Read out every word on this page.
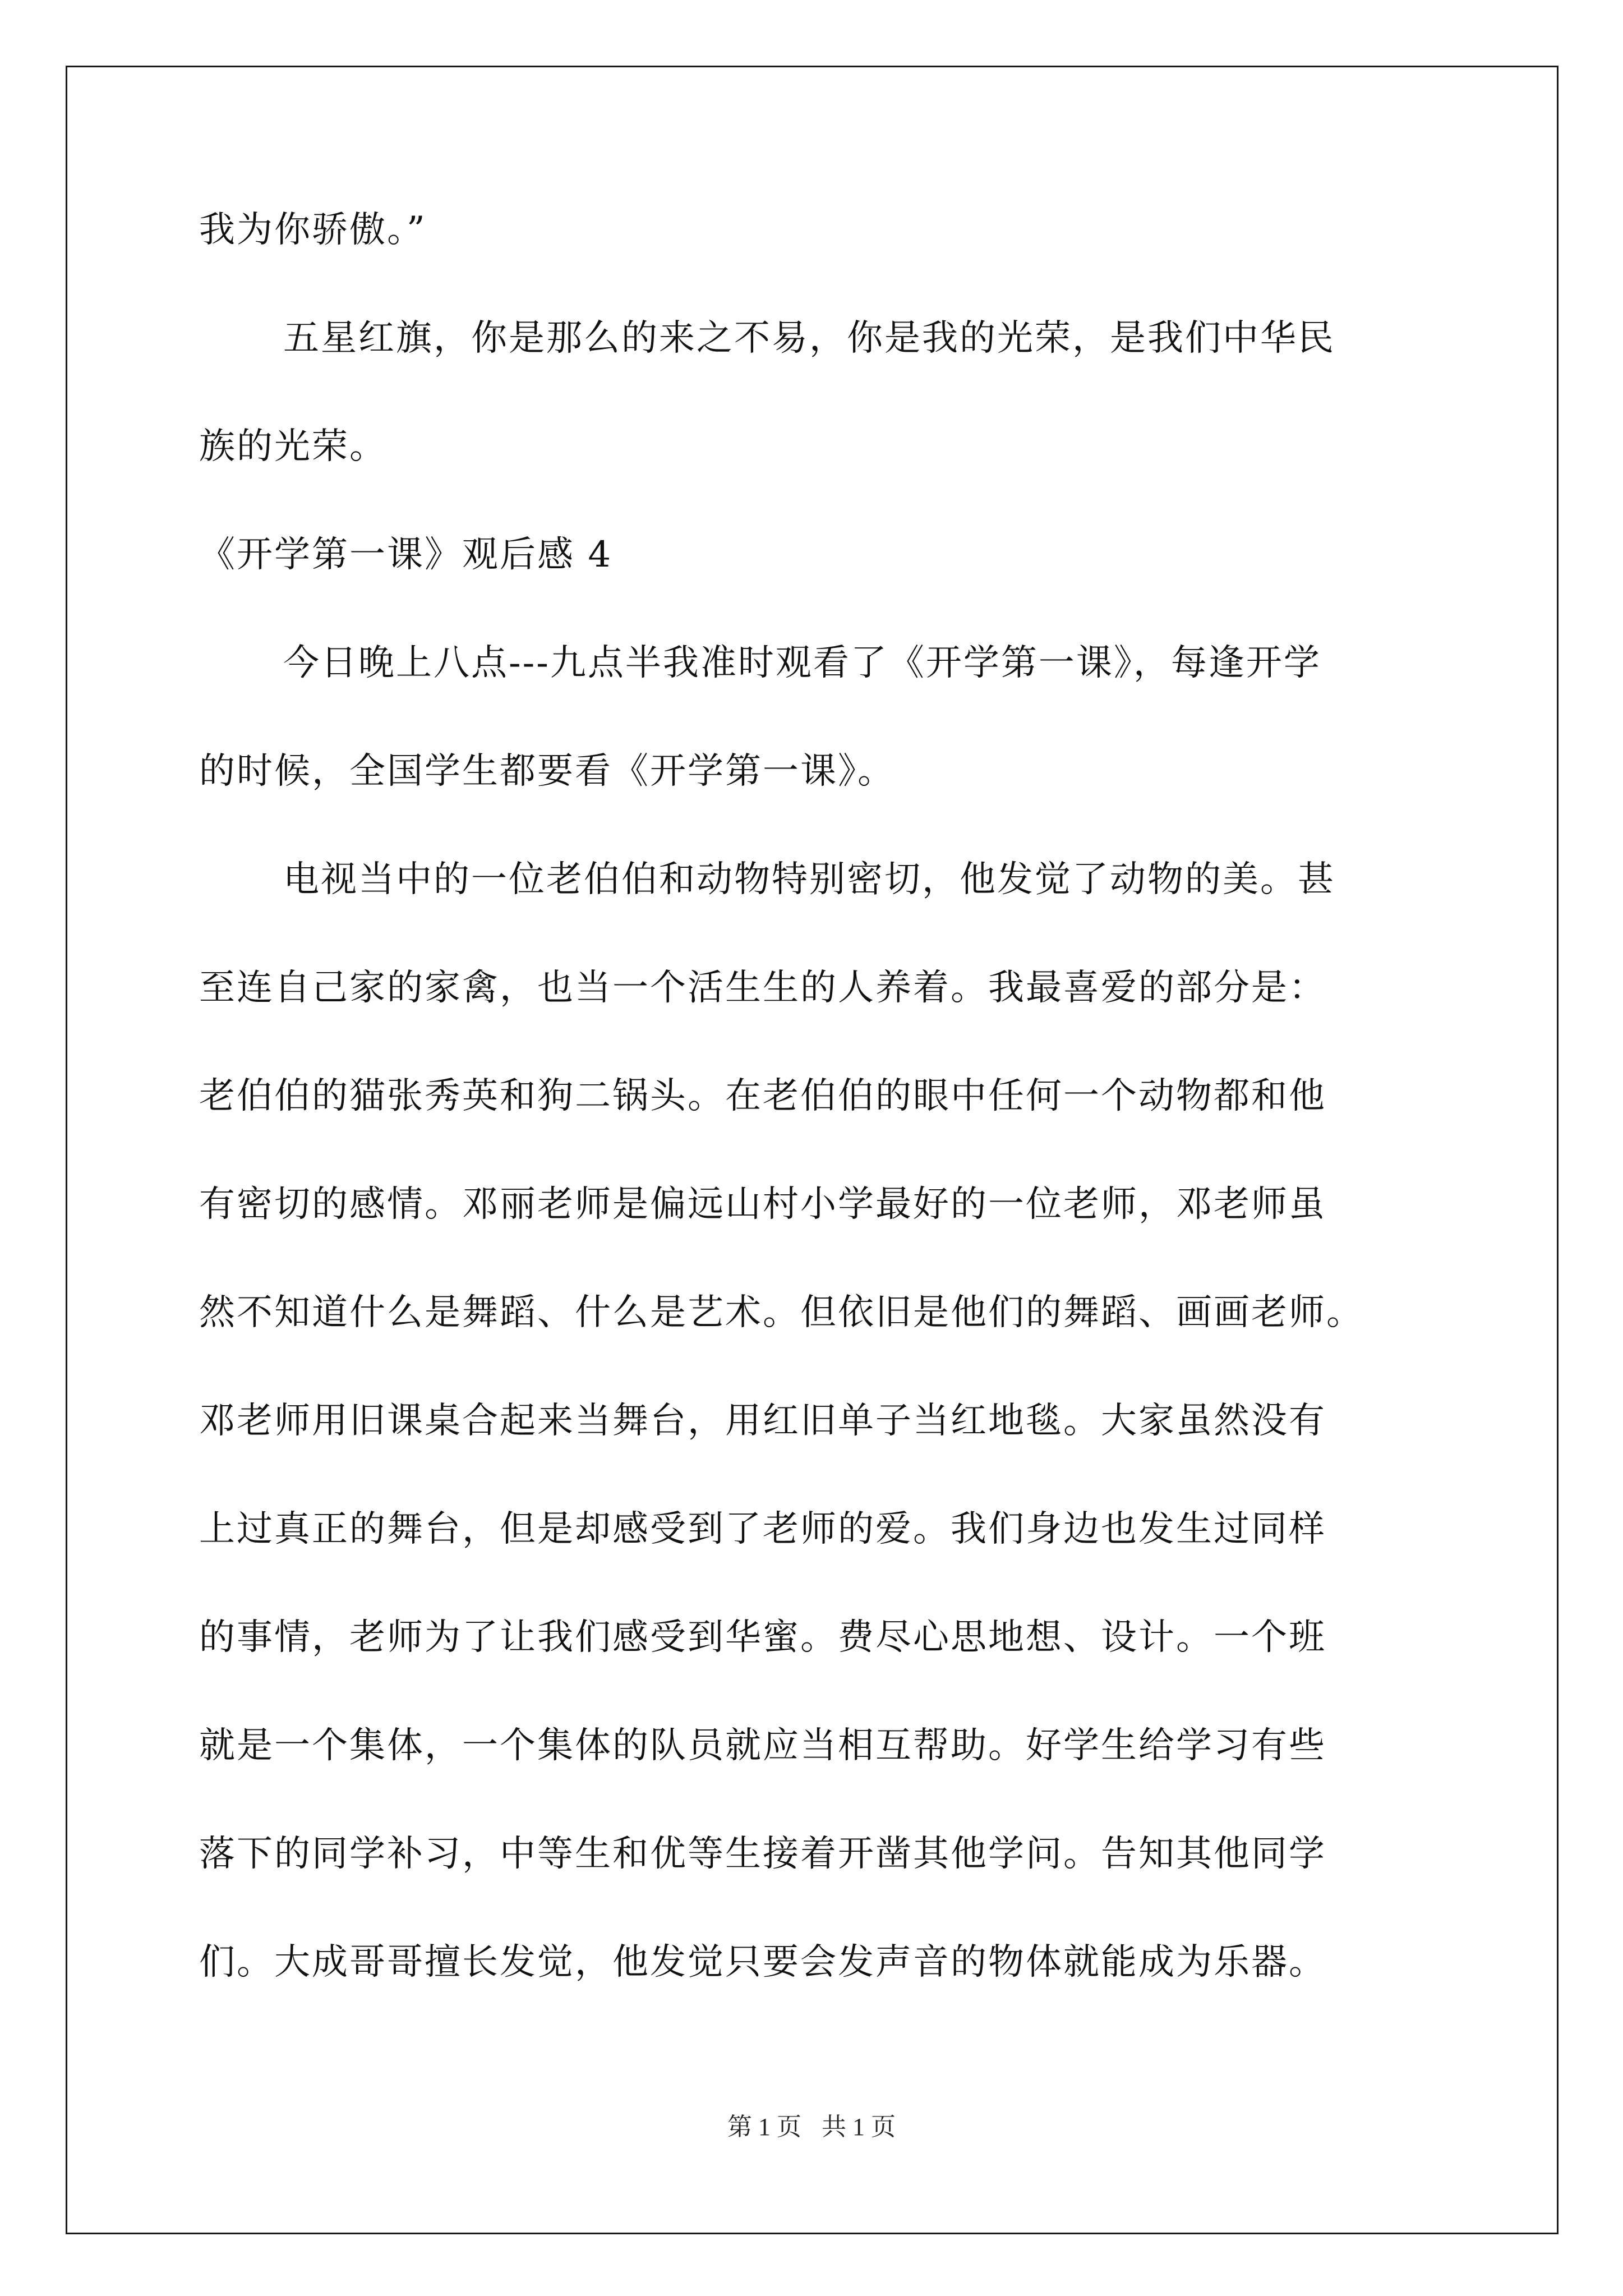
我为你骄傲。”
五星红旗，你是那么的来之不易，你是我的光荣，是我们中华民
族的光荣。
《开学第一课》观后感 4
今日晚上八点---九点半我准时观看了《开学第一课》，每逢开学
的时候，全国学生都要看《开学第一课》。
电视当中的一位老伯伯和动物特别密切，他发觉了动物的美。甚
至连自己家的家禽，也当一个活生生的人养着。我最喜爱的部分是：
老伯伯的猫张秀英和狗二锅头。在老伯伯的眼中任何一个动物都和他
有密切的感情。邓丽老师是偏远山村小学最好的一位老师，邓老师虽
然不知道什么是舞蹈、什么是艺术。但依旧是他们的舞蹈、画画老师。
邓老师用旧课桌合起来当舞台，用红旧单子当红地毯。大家虽然没有
上过真正的舞台，但是却感受到了老师的爱。我们身边也发生过同样
的事情，老师为了让我们感受到华蜜。费尽心思地想、设计。一个班
就是一个集体，一个集体的队员就应当相互帮助。好学生给学习有些
落下的同学补习，中等生和优等生接着开凿其他学问。告知其他同学
们。大成哥哥擅长发觉，他发觉只要会发声音的物体就能成为乐器。
第 1 页 共 1 页
